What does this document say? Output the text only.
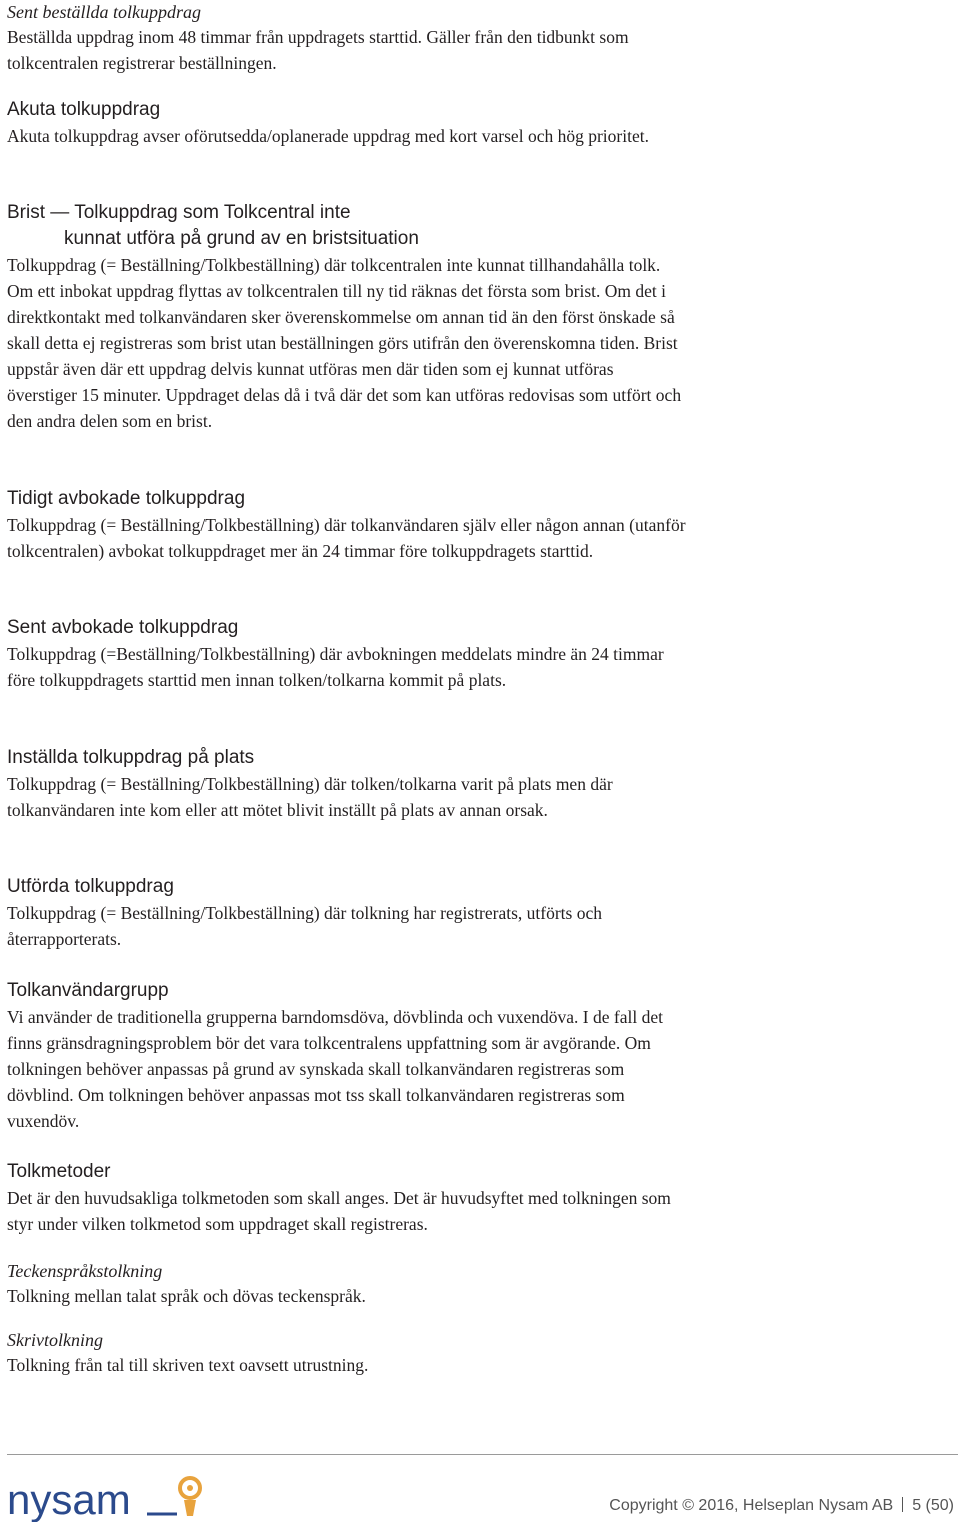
Sent beställda tolkuppdrag

Beställda uppdrag inom 48 timmar från uppdragets starttid. Gäller från den tidbunkt som tolkcentralen registrerar beställningen.

Akuta tolkuppdrag

Akuta tolkuppdrag avser oförutsedda/oplanerade uppdrag med kort varsel och hög prioritet.

Brist — Tolkuppdrag som Tolkcentral inte
kunnat utföra på grund av en bristsituation

Tolkuppdrag (= Beställning/Tolkbeställning) där tolkcentralen inte kunnat tillhandahålla tolk. Om ett inbokat uppdrag flyttas av tolkcentralen till ny tid räknas det första som brist. Om det i direktkontakt med tolkanvändaren sker överenskommelse om annan tid än den först önskade så skall detta ej registreras som brist utan beställningen görs utifrån den överenskomna tiden. Brist uppstår även där ett uppdrag delvis kunnat utföras men där tiden som ej kunnat utföras överstiger 15 minuter. Uppdraget delas då i två där det som kan utföras redovisas som utfört och den andra delen som en brist.

Tidigt avbokade tolkuppdrag

Tolkuppdrag (= Beställning/Tolkbeställning) där tolkanvändaren själv eller någon annan (utanför tolkcentralen) avbokat tolkuppdraget mer än 24 timmar före tolkuppdragets starttid.

Sent avbokade tolkuppdrag

Tolkuppdrag (=Beställning/Tolkbeställning) där avbokningen meddelats mindre än 24 timmar före tolkuppdragets starttid men innan tolken/tolkarna kommit på plats.

Inställda tolkuppdrag på plats

Tolkuppdrag (= Beställning/Tolkbeställning) där tolken/tolkarna varit på plats men där tolkanvändaren inte kom eller att mötet blivit inställt på plats av annan orsak.

Utförda tolkuppdrag

Tolkuppdrag (= Beställning/Tolkbeställning) där tolkning har registrerats, utförts och återrapporterats.

Tolkanvändargrupp

Vi använder de traditionella grupperna barndomsdöva, dövblinda och vuxendöva. I de fall det finns gränsdragningsproblem bör det vara tolkcentralens uppfattning som är avgörande. Om tolkningen behöver anpassas på grund av synskada skall tolkanvändaren registreras som dövblind. Om tolkningen behöver anpassas mot tss skall tolkanvändaren registreras som vuxendöv.

Tolkmetoder

Det är den huvudsakliga tolkmetoden som skall anges. Det är huvudsyftet med tolkningen som styr under vilken tolkmetod som uppdraget skall registreras.

Teckenspråkstolkning

Tolkning mellan talat språk och dövas teckenspråk.

Skrivtolkning

Tolkning från tal till skriven text oavsett utrustning.

nysam	Copyright © 2016, Helseplan Nysam AB 5 (50)
